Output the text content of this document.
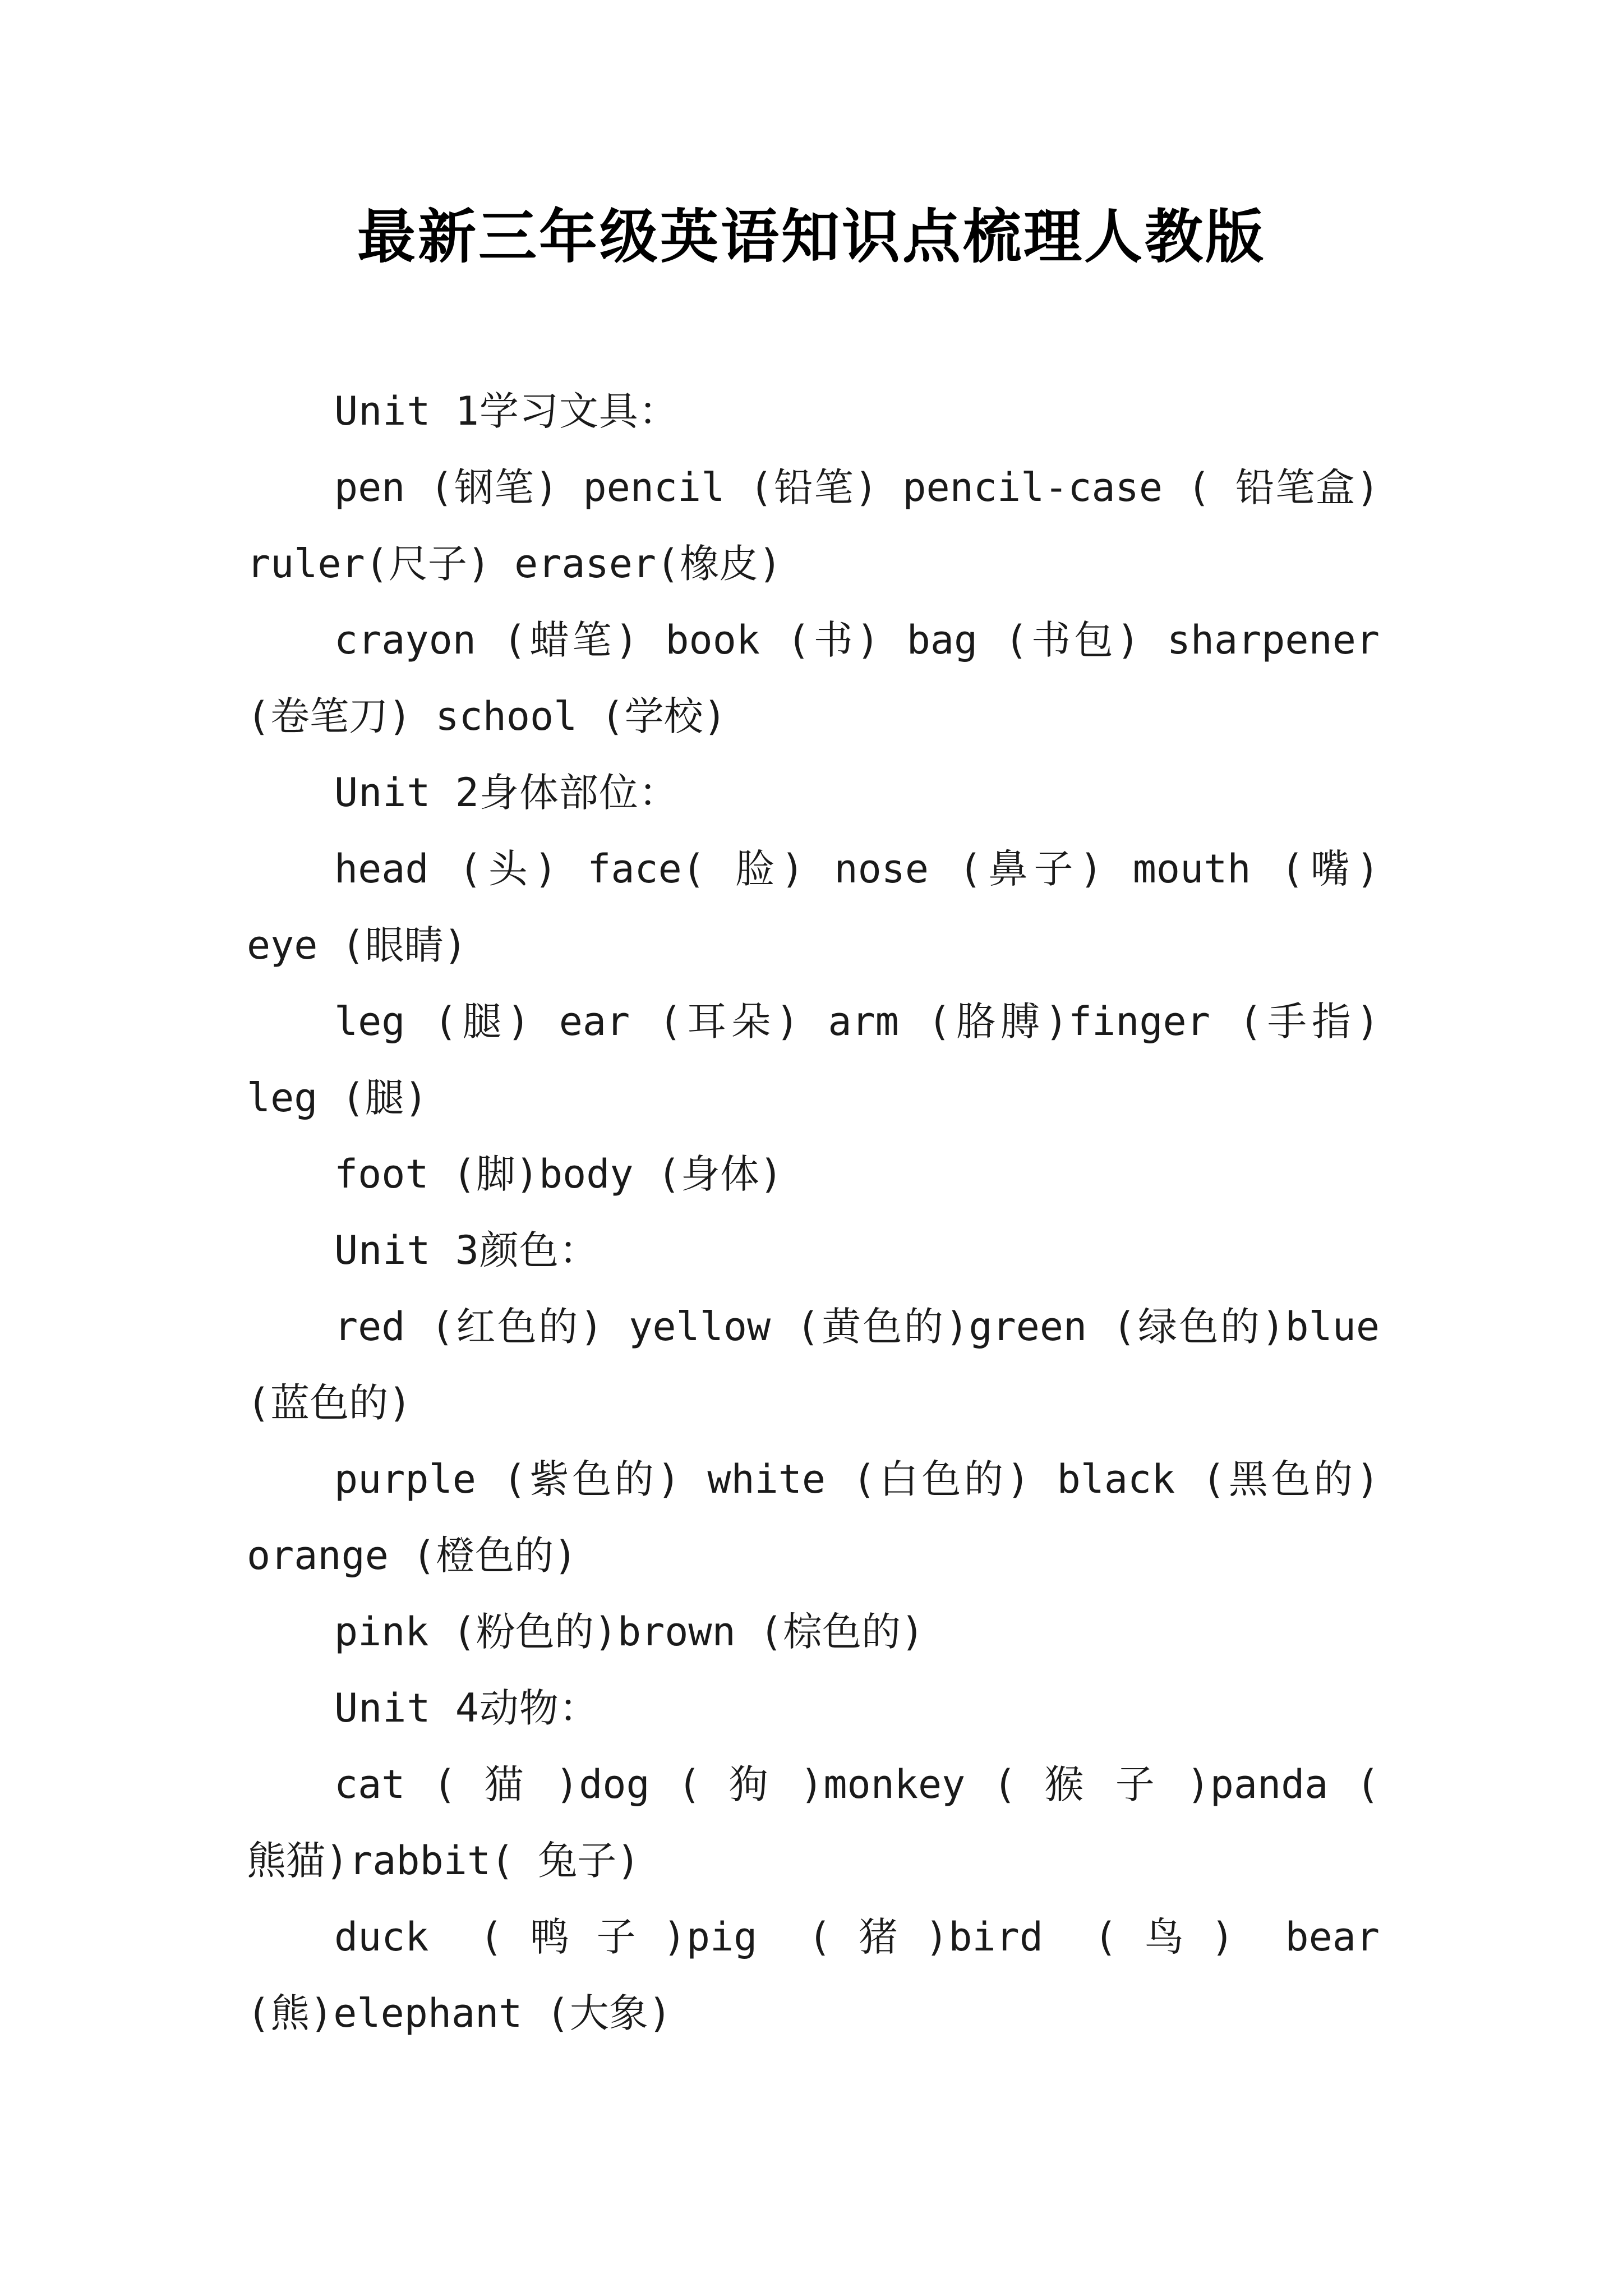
最新三年级英语知识点梳理人教版

Unit 1学习文具：

pen (钢笔) pencil (铅笔) pencil-case ( 铅笔盒) ruler(尺子) eraser(橡皮)

crayon (蜡笔) book (书) bag (书包) sharpener (卷笔刀) school (学校)

Unit 2身体部位：

head (头) face( 脸) nose (鼻子) mouth (嘴) eye (眼睛)

leg (腿) ear (耳朵) arm (胳膊)finger (手指) leg (腿)

foot (脚)body (身体)

Unit 3颜色：

red (红色的) yellow (黄色的)green (绿色的)blue (蓝色的)

purple (紫色的) white (白色的) black (黑色的) orange (橙色的)

pink (粉色的)brown (棕色的)

Unit 4动物：

cat ( 猫 )dog ( 狗 )monkey ( 猴 子 )panda ( 熊猫)rabbit( 兔子)

duck (鸭子)pig (猪)bird (鸟) bear (熊)elephant (大象)
